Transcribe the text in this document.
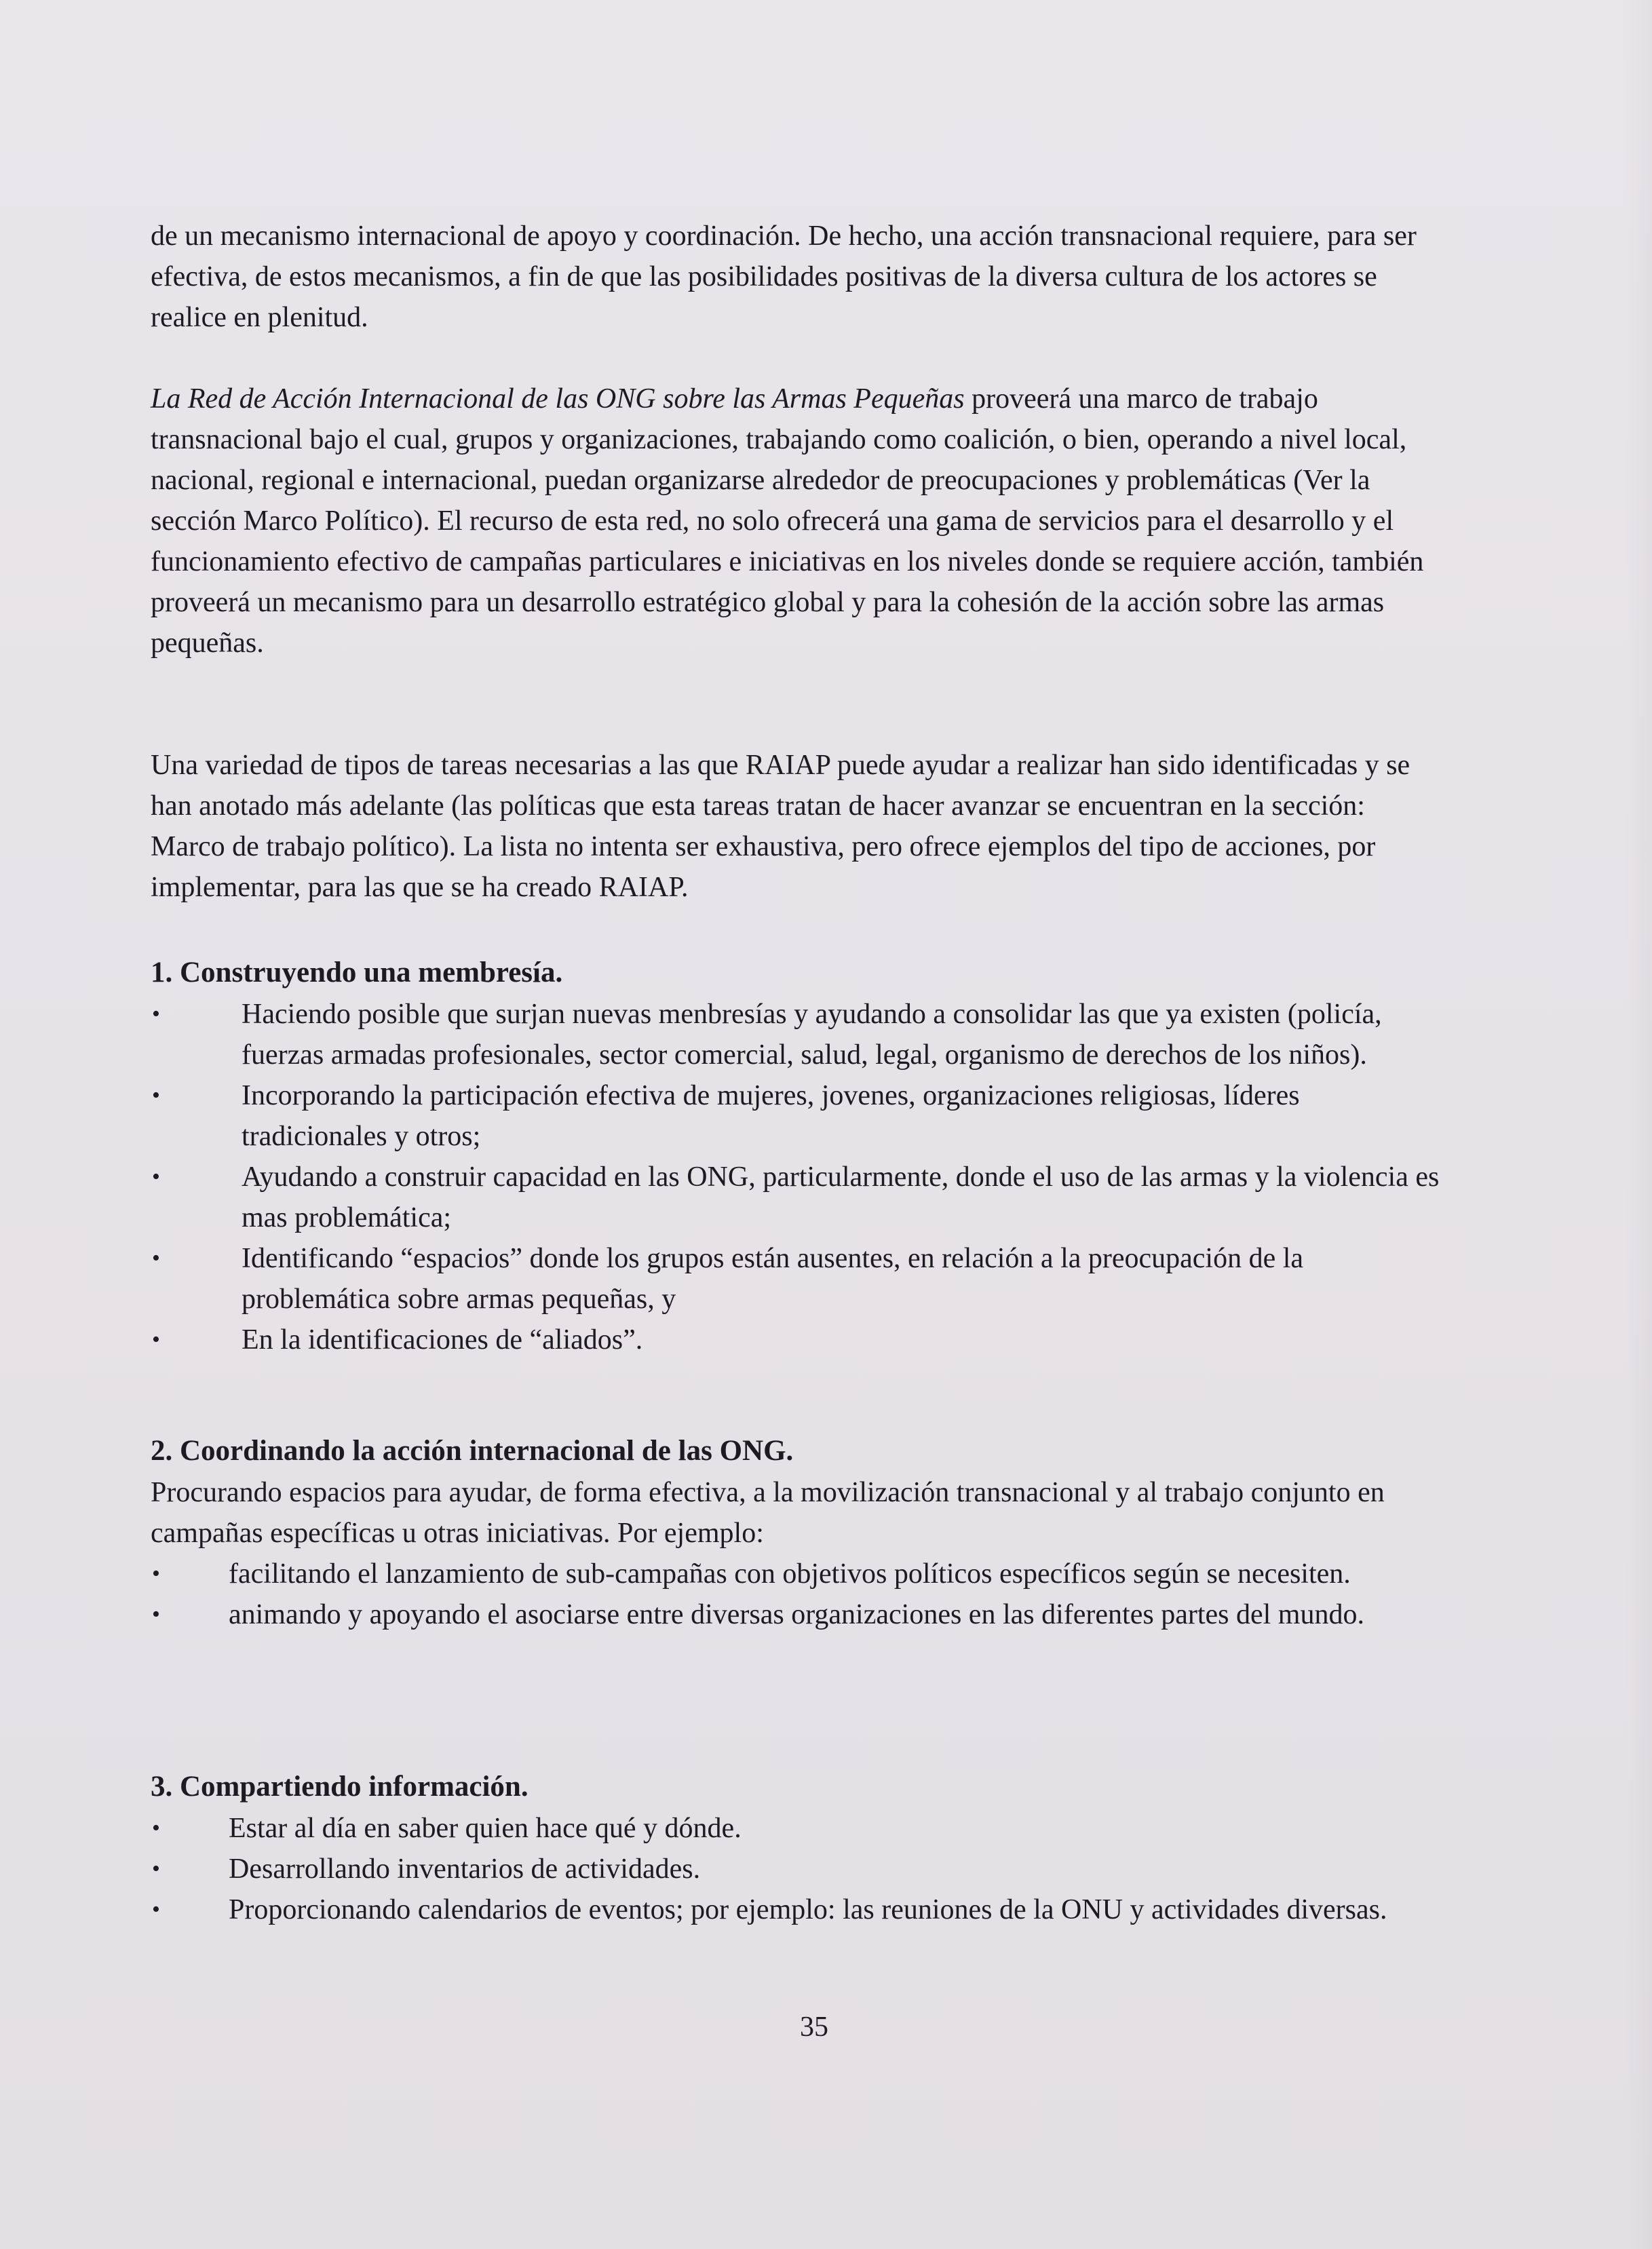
de un mecanismo internacional de apoyo y coordinación. De hecho, una acción transnacional requiere, para ser efectiva, de estos mecanismos, a fin de que las posibilidades positivas de la diversa cultura de los actores se realice en plenitud.

La Red de Acción Internacional de las ONG sobre las Armas Pequeñas proveerá una marco de trabajo transnacional bajo el cual, grupos y organizaciones, trabajando como coalición, o bien, operando a nivel local, nacional, regional e internacional, puedan organizarse alrededor de preocupaciones y problemáticas (Ver la sección Marco Político). El recurso de esta red, no solo ofrecerá una gama de servicios para el desarrollo y el funcionamiento efectivo de campañas particulares e iniciativas en los niveles donde se requiere acción, también proveerá un mecanismo para un desarrollo estratégico global y para la cohesión de la acción sobre las armas pequeñas.

Una variedad de tipos de tareas necesarias a las que RAIAP puede ayudar a realizar han sido identificadas y se han anotado más adelante (las políticas que esta tareas tratan de hacer avanzar se encuentran en la sección: Marco de trabajo político). La lista no intenta ser exhaustiva, pero ofrece ejemplos del tipo de acciones, por implementar, para las que se ha creado RAIAP.

1. Construyendo una membresía.
•	Haciendo posible que surjan nuevas menbresías y ayudando a consolidar las que ya existen (policía, fuerzas armadas profesionales, sector comercial, salud, legal, organismo de derechos de los niños).
•	Incorporando la participación efectiva de mujeres, jovenes, organizaciones religiosas, líderes tradicionales y otros;
•	Ayudando a construir capacidad en las ONG, particularmente, donde el uso de las armas y la violencia es mas problemática;
•	Identificando “espacios” donde los grupos están ausentes, en relación a la preocupación de la problemática sobre armas pequeñas, y
•	En la identificaciones de “aliados”.
2. Coordinando la acción internacional de las ONG.

Procurando espacios para ayudar, de forma efectiva, a la movilización transnacional y al trabajo conjunto en campañas específicas u otras iniciativas. Por ejemplo:

•	facilitando el lanzamiento de sub-campañas con objetivos políticos específicos según se necesiten.
•	animando y apoyando el asociarse entre diversas organizaciones en las diferentes partes del mundo.
3. Compartiendo información.
•	Estar al día en saber quien hace qué y dónde.
•	Desarrollando inventarios de actividades.
•	Proporcionando calendarios de eventos; por ejemplo: las reuniones de la ONU y actividades diversas.
35
